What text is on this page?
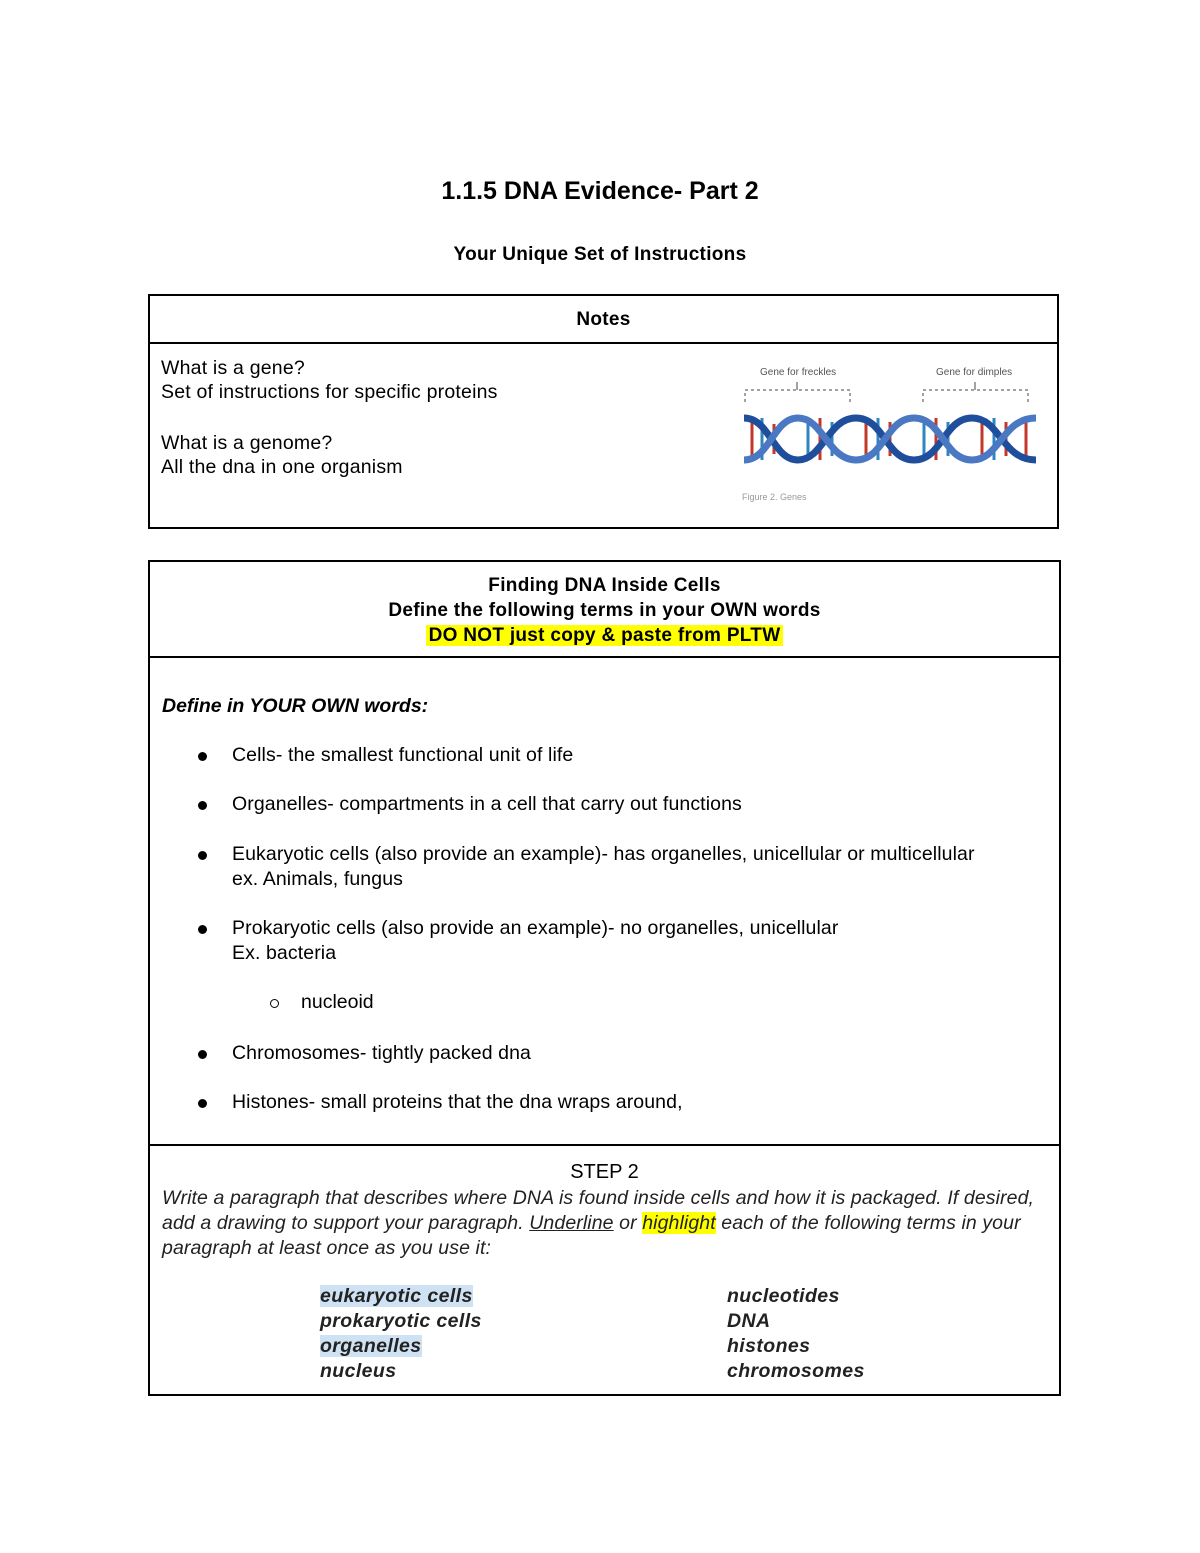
1.1.5 DNA Evidence- Part 2
Your Unique Set of Instructions
Notes

What is a gene?

Set of instructions for specific proteins

What is a genome?

All the dna in one organism

Gene for freckles	Gene for dimples
Figure 2. Genes
Finding DNA Inside Cells
Define the following terms in your OWN words
DO NOT just copy & paste from PLTW
Define in YOUR OWN words:
Cells- the smallest functional unit of life
Organelles- compartments in a cell that carry out functions
Eukaryotic cells (also provide an example)- has organelles, unicellular or multicellular
ex. Animals, fungus
Prokaryotic cells (also provide an example)- no organelles, unicellular
Ex. bacteria
nucleoid
Chromosomes- tightly packed dna
Histones- small proteins that the dna wraps around,
STEP 2
Write a paragraph that describes where DNA is found inside cells and how it is packaged. If desired, add a drawing to support your paragraph. Underline or highlight each of the following terms in your paragraph at least once as you use it:
eukaryotic cells
prokaryotic cells
organelles
nucleus
nucleotides
DNA
histones
chromosomes
